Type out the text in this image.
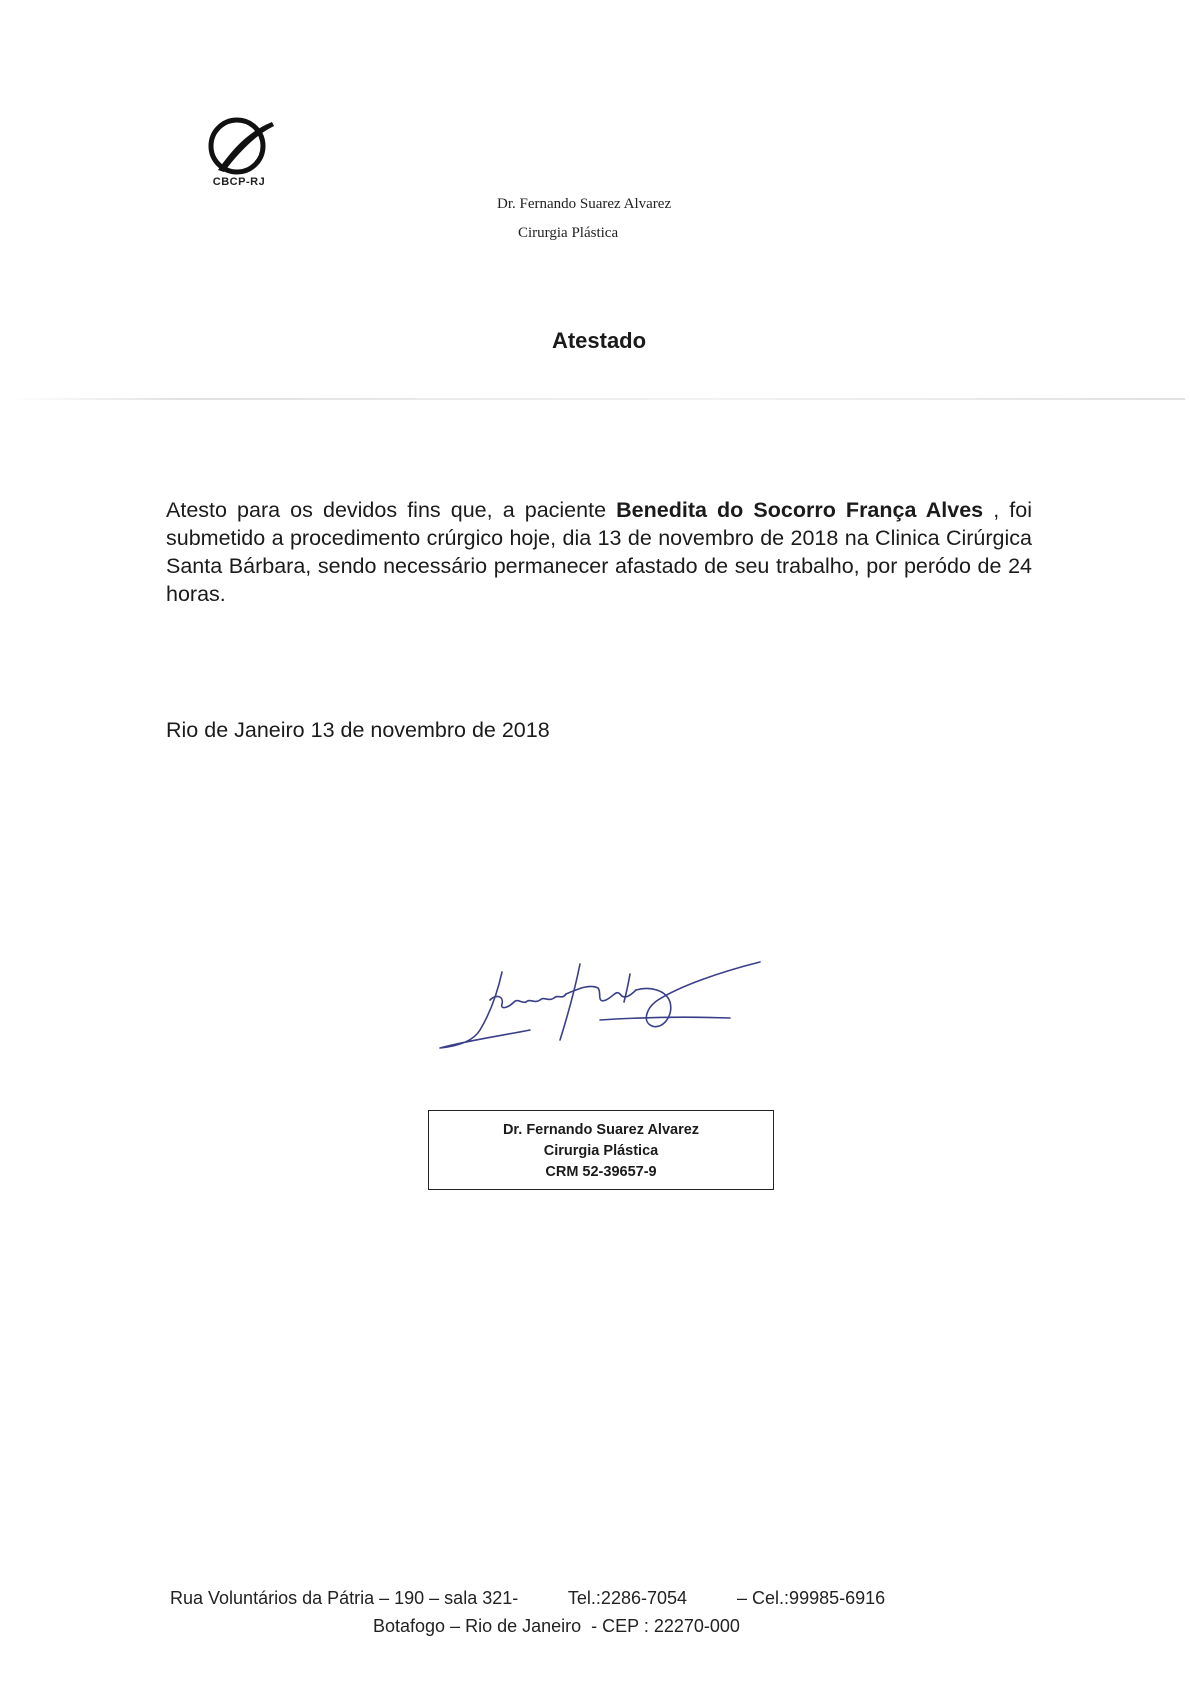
CBCP-RJ
Dr. Fernando Suarez Alvarez
Cirurgia Plástica
Atestado
Atesto para os devidos fins que, a paciente Benedita do Socorro França Alves , foi submetido a procedimento crúrgico hoje, dia 13 de novembro de 2018 na Clinica Cirúrgica Santa Bárbara, sendo necessário permanecer afastado de seu trabalho, por peródo de 24 horas.
Rio de Janeiro 13 de novembro de 2018
Dr. Fernando Suarez Alvarez
Cirurgia Plástica
CRM 52-39657-9
Rua Voluntários da Pátria – 190 – sala 321-	Tel.:2286-7054	– Cel.:99985-6916
Botafogo – Rio de Janeiro - CEP : 22270-000
